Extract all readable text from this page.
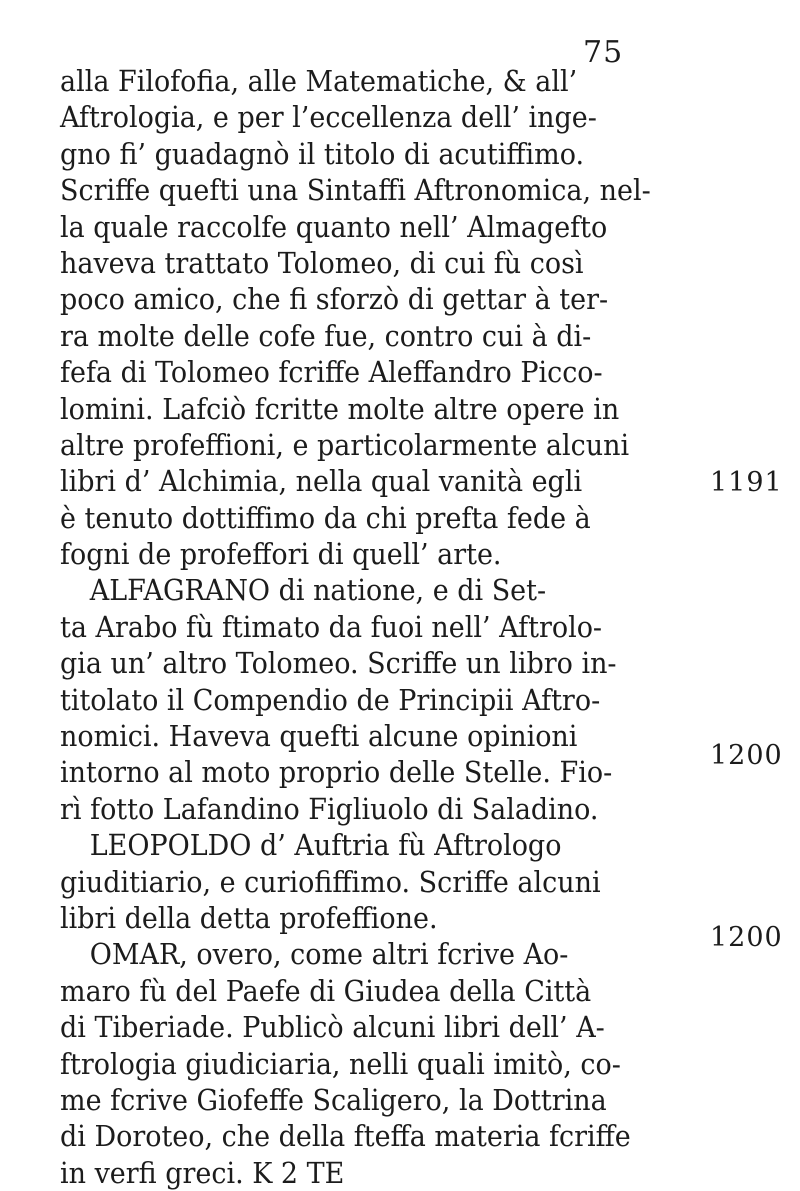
75
alla Filofofia, alle Matematiche, & all’
Aftrologia, e per l’eccellenza dell’ inge-
gno fi’ guadagnò il titolo di acutiffimo.
Scriffe quefti una Sintaffi Aftronomica, nel-
la quale raccolfe quanto nell’ Almagefto
haveva trattato Tolomeo, di cui fù così
poco amico, che fi sforzò di gettar à ter-
ra molte delle cofe fue, contro cui à di-
fefa di Tolomeo fcriffe Aleffandro Picco-
lomini. Lafciò fcritte molte altre opere in
altre profeffioni, e particolarmente alcuni
libri d’ Alchimia, nella qual vanità egli
è tenuto dottiffimo da chi prefta fede à
fogni de profeffori di quell’ arte.
ALFAGRANO di natione, e di Set-
ta Arabo fù ftimato da fuoi nell’ Aftrolo-
gia un’ altro Tolomeo. Scriffe un libro in-
titolato il Compendio de Principii Aftro-
nomici. Haveva quefti alcune opinioni
intorno al moto proprio delle Stelle. Fio-
rì fotto Lafandino Figliuolo di Saladino.
LEOPOLDO d’ Auftria fù Aftrologo
giuditiario, e curiofiffimo. Scriffe alcuni
libri della detta profeffione.
OMAR, overo, come altri fcrive Ao-
maro fù del Paefe di Giudea della Città
di Tiberiade. Publicò alcuni libri dell’ A-
ftrologia giudiciaria, nelli quali imitò, co-
me fcrive Giofeffe Scaligero, la Dottrina
di Doroteo, che della fteffa materia fcriffe
in verfi greci. K 2 TE
1191
1200
1200
